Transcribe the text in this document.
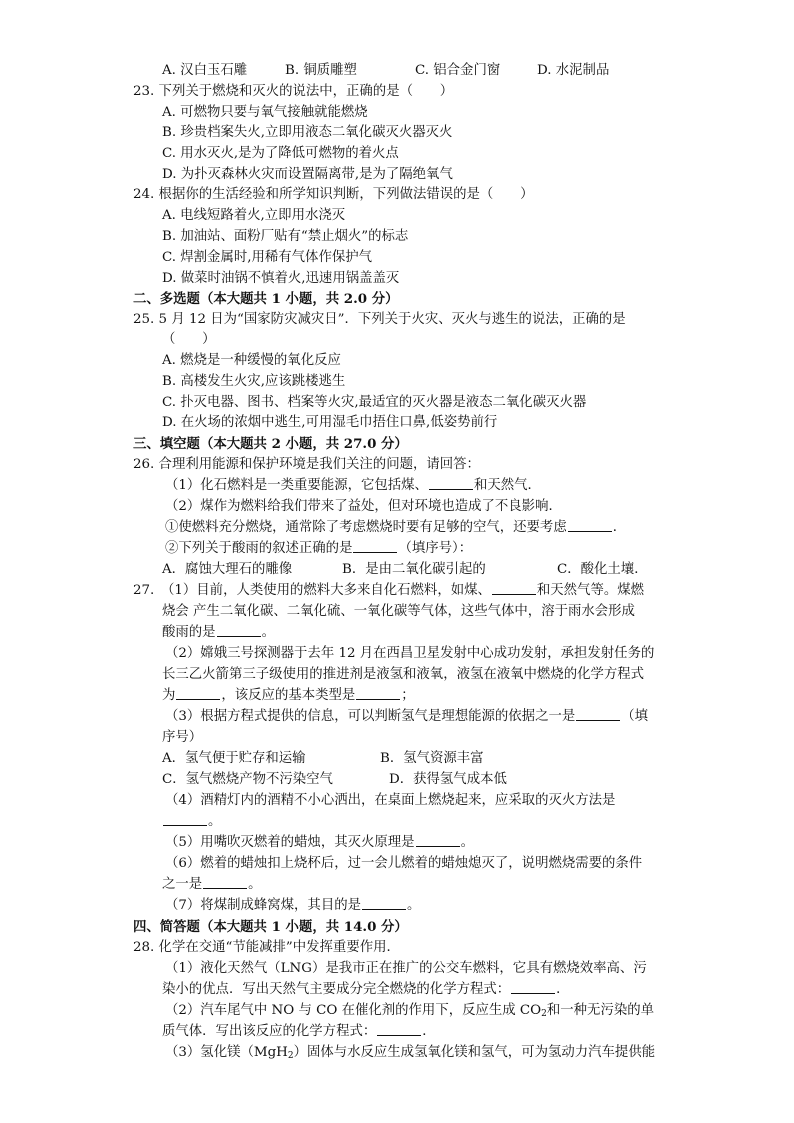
A. 汉白玉石雕	B. 铜质雕塑	C. 铝合金门窗	D. 水泥制品
23. 下列关于燃烧和灭火的说法中，正确的是（　　）
A. 可燃物只要与氧气接触就能燃烧
B. 珍贵档案失火,立即用液态二氧化碳灭火器灭火
C. 用水灭火,是为了降低可燃物的着火点
D. 为扑灭森林火灾而设置隔离带,是为了隔绝氧气
24. 根据你的生活经验和所学知识判断，下列做法错误的是（　　）
A. 电线短路着火,立即用水浇灭
B. 加油站、面粉厂贴有“禁止烟火”的标志
C. 焊割金属时,用稀有气体作保护气
D. 做菜时油锅不慎着火,迅速用锅盖盖灭
二、多选题（本大题共 1 小题，共 2.0 分）
25. 5 月 12 日为“国家防灾减灾日”．下列关于火灾、灭火与逃生的说法，正确的是
（　　）
A. 燃烧是一种缓慢的氧化反应
B. 高楼发生火灾,应该跳楼逃生
C. 扑灭电器、图书、档案等火灾,最适宜的灭火器是液态二氧化碳灭火器
D. 在火场的浓烟中逃生,可用湿毛巾捂住口鼻,低姿势前行
三、填空题（本大题共 2 小题，共 27.0 分）
26. 合理利用能源和保护环境是我们关注的问题，请回答：
（1）化石燃料是一类重要能源，它包括煤、	和天然气．
（2）煤作为燃料给我们带来了益处，但对环境也造成了不良影响．
①使燃料充分燃烧，通常除了考虑燃烧时要有足够的空气，还要考虑	．
②下列关于酸雨的叙述正确的是	（填序号）：
A．腐蚀大理石的雕像	B．是由二氧化碳引起的	C．酸化土壤．
27.　（1）目前，人类使用的燃料大多来自化石燃料，如煤、	和天然气等。煤燃
烧会 产生二氧化碳、二氧化硫、一氧化碳等气体，这些气体中，溶于雨水会形成
酸雨的是	。
（2）嫦娥三号探测器于去年 12 月在西昌卫星发射中心成功发射，承担发射任务的
长三乙火箭第三子级使用的推进剂是液氢和液氧，液氢在液氧中燃烧的化学方程式
为	，该反应的基本类型是	；
（3）根据方程式提供的信息，可以判断氢气是理想能源的依据之一是	（填
序号）
A．氢气便于贮存和运输	B．氢气资源丰富
C．氢气燃烧产物不污染空气	D．获得氢气成本低
（4）酒精灯内的酒精不小心洒出，在桌面上燃烧起来，应采取的灭火方法是
。
（5）用嘴吹灭燃着的蜡烛，其灭火原理是	。
（6）燃着的蜡烛扣上烧杯后，过一会儿燃着的蜡烛熄灭了，说明燃烧需要的条件
之一是	。
（7）将煤制成蜂窝煤，其目的是	。
四、简答题（本大题共 1 小题，共 14.0 分）
28. 化学在交通“节能减排”中发挥重要作用．
（1）液化天然气（LNG）是我市正在推广的公交车燃料，它具有燃烧效率高、污
染小的优点．写出天然气主要成分完全燃烧的化学方程式：	．
（2）汽车尾气中 NO 与 CO 在催化剂的作用下，反应生成 $CO_2$和一种无污染的单
质气体．写出该反应的化学方程式：	．
（3）氢化镁（MgH$_2$）固体与水反应生成氢氧化镁和氢气，可为氢动力汽车提供能
